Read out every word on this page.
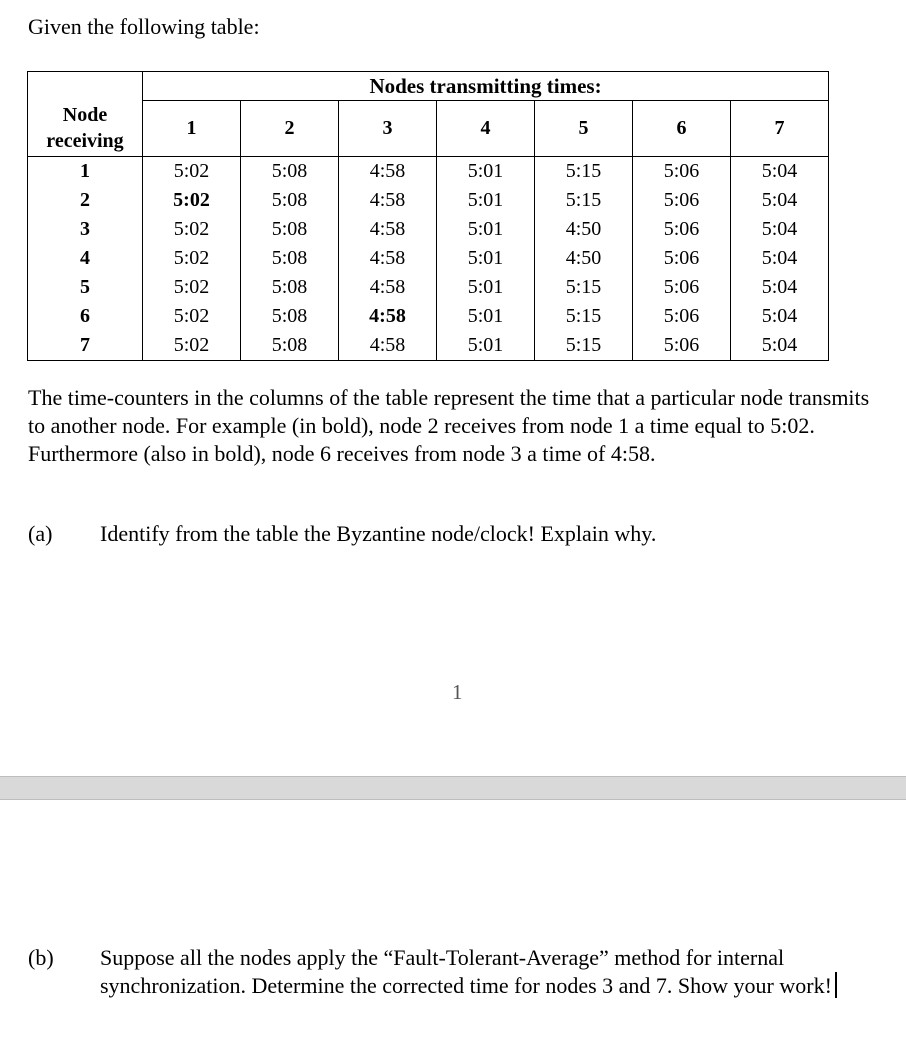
Given the following table:
	Nodes transmitting times:						
Node receiving	1	2	3	4	5	6	7
1	5:02	5:08	4:58	5:01	5:15	5:06	5:04
2	5:02	5:08	4:58	5:01	5:15	5:06	5:04
3	5:02	5:08	4:58	5:01	4:50	5:06	5:04
4	5:02	5:08	4:58	5:01	4:50	5:06	5:04
5	5:02	5:08	4:58	5:01	5:15	5:06	5:04
6	5:02	5:08	4:58	5:01	5:15	5:06	5:04
7	5:02	5:08	4:58	5:01	5:15	5:06	5:04
The time-counters in the columns of the table represent the time that a particular node transmits to another node. For example (in bold), node 2 receives from node 1 a time equal to 5:02. Furthermore (also in bold), node 6 receives from node 3 a time of 4:58.
(a) Identify from the table the Byzantine node/clock! Explain why.
1
(b) Suppose all the nodes apply the “Fault-Tolerant-Average” method for internal synchronization. Determine the corrected time for nodes 3 and 7. Show your work!
